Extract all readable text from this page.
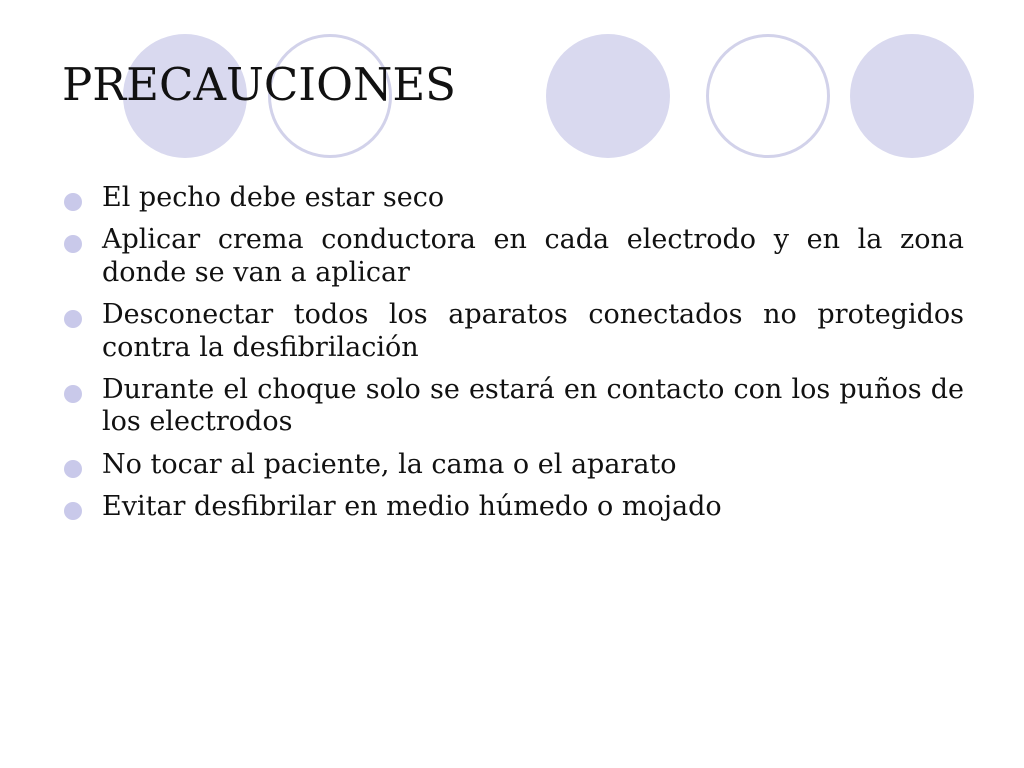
PRECAUCIONES
El pecho debe estar seco
Aplicar crema conductora en cada electrodo y en la zona donde se van a aplicar
Desconectar todos los aparatos conectados no protegidos contra la desfibrilación
Durante el choque solo se estará en contacto con los puños de los electrodos
No tocar al paciente, la cama o el aparato
Evitar desfibrilar en medio húmedo o mojado
